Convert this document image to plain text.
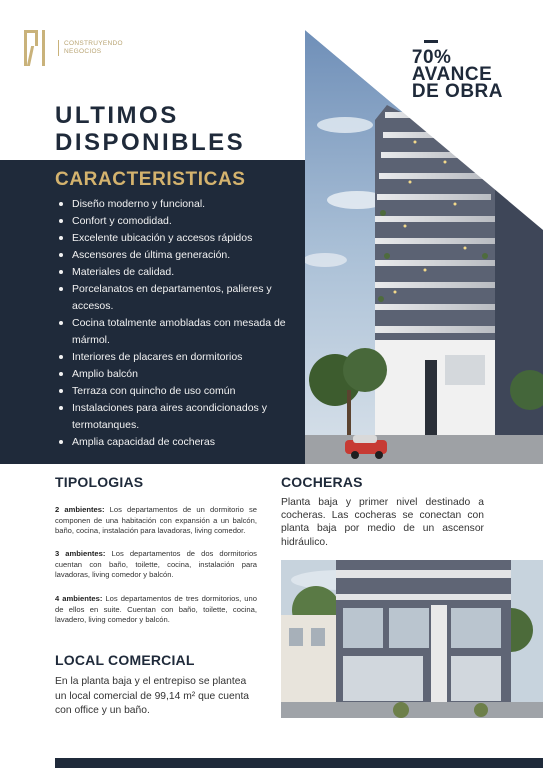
CONSTRUYENDO
NEGOCIOS	70%
AVANCE
DE OBRA
ULTIMOS
DISPONIBLES
CARACTERISTICAS
Diseño moderno y funcional.
Confort y comodidad.
Excelente ubicación y accesos rápidos
Ascensores de última generación.
Materiales de calidad.
Porcelanatos en departamentos, palieres y accesos.
Cocina totalmente amobladas con mesada de mármol.
Interiores de placares en dormitorios
Amplio balcón
Terraza con quincho de uso común
Instalaciones para aires acondicionados y termotanques.
Amplia capacidad de cocheras
TIPOLOGIAS

2 ambientes: Los departamentos de un dormitorio se componen de una habitación con expansión a un balcón, baño, cocina, instalación para lavadoras, living comedor.

3 ambientes: Los departamentos de dos dormitorios cuentan con baño, toilette, cocina, instalación para lavadoras, living comedor y balcón.

4 ambientes: Los departamentos de tres dormitorios, uno de ellos en suite. Cuentan con baño, toilette, cocina, lavadero, living comedor y balcón.

COCHERAS

Planta baja y primer nivel destinado a cocheras. Las cocheras se conectan con planta baja por medio de un ascensor hidráulico.

LOCAL COMERCIAL

En la planta baja y el entrepiso se plantea un local comercial de 99,14 m² que cuenta con office y un baño.
